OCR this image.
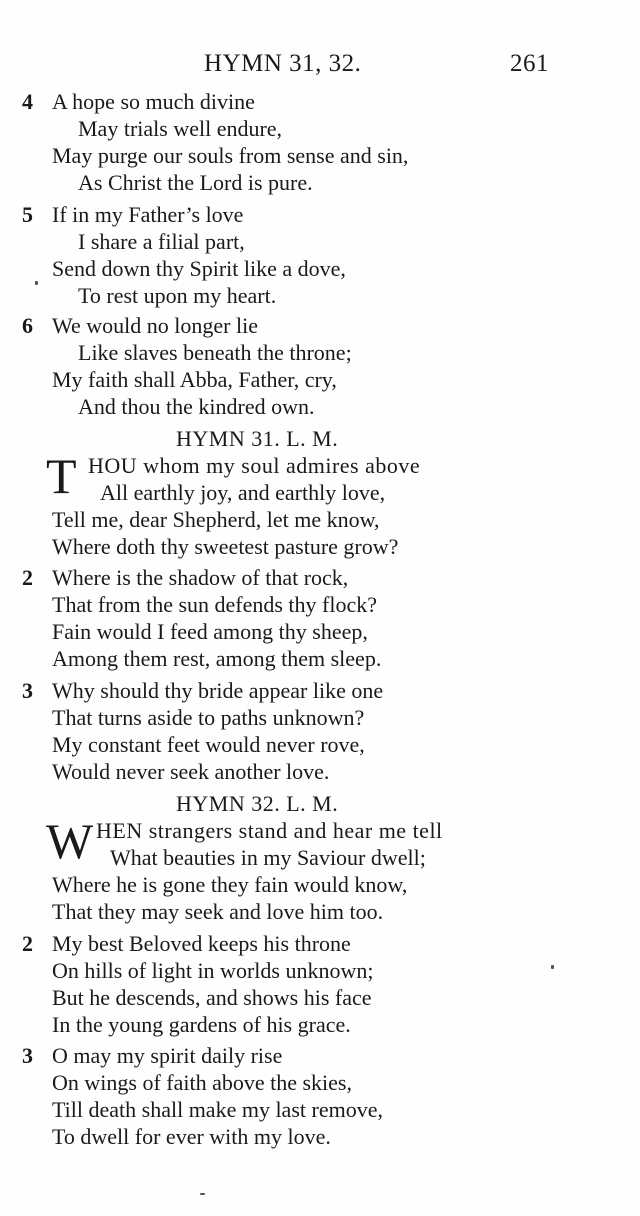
HYMN 31, 32.	261
4 A hope so much divine
May trials well endure,
May purge our souls from sense and sin,
As Christ the Lord is pure.
5 If in my Father’s love
I share a filial part,
Send down thy Spirit like a dove,
To rest upon my heart.
6 We would no longer lie
Like slaves beneath the throne;
My faith shall Abba, Father, cry,
And thou the kindred own.
HYMN 31. L. M.
T HOU whom my soul admires above
All earthly joy, and earthly love,
Tell me, dear Shepherd, let me know,
Where doth thy sweetest pasture grow?
2 Where is the shadow of that rock,
That from the sun defends thy flock?
Fain would I feed among thy sheep,
Among them rest, among them sleep.
3 Why should thy bride appear like one
That turns aside to paths unknown?
My constant feet would never rove,
Would never seek another love.
HYMN 32. L. M.
W HEN strangers stand and hear me tell
What beauties in my Saviour dwell;
Where he is gone they fain would know,
That they may seek and love him too.
2 My best Beloved keeps his throne
On hills of light in worlds unknown;
But he descends, and shows his face
In the young gardens of his grace.
3 O may my spirit daily rise
On wings of faith above the skies,
Till death shall make my last remove,
To dwell for ever with my love.
